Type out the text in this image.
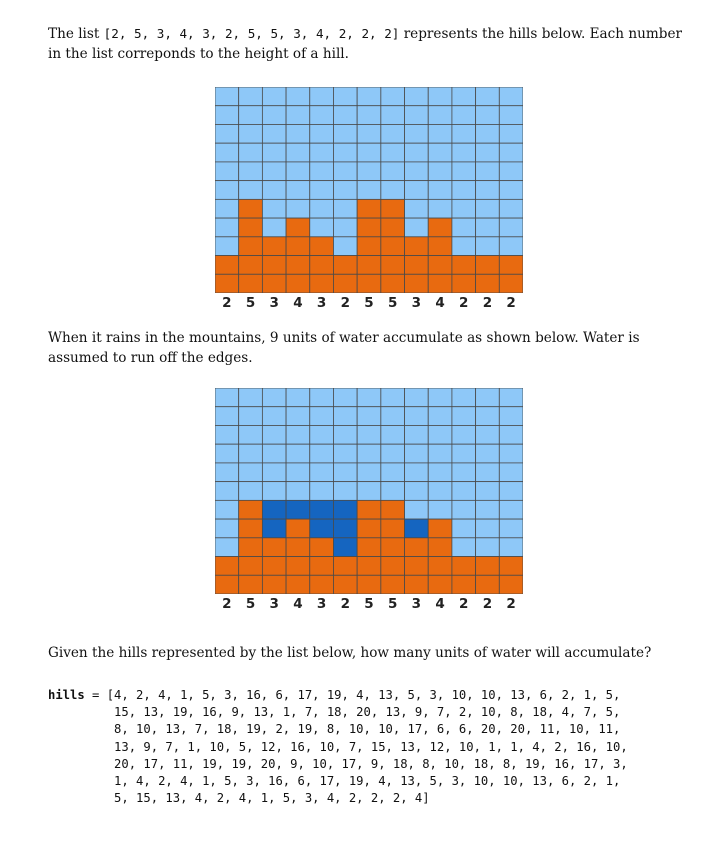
The list [2, 5, 3, 4, 3, 2, 5, 5, 3, 4, 2, 2, 2] represents the hills below. Each number in the list correponds to the height of a hill.

2	5	3	4	3	2	5	5	3	4	2	2	2

When it rains in the mountains, 9 units of water accumulate as shown below. Water is assumed to run off the edges.

2	5	3	4	3	2	5	5	3	4	2	2	2

Given the hills represented by the list below, how many units of water will accumulate?

hills = [4, 2, 4, 1, 5, 3, 16, 6, 17, 19, 4, 13, 5, 3, 10, 10, 13, 6, 2, 1, 5,
15, 13, 19, 16, 9, 13, 1, 7, 18, 20, 13, 9, 7, 2, 10, 8, 18, 4, 7, 5,
8, 10, 13, 7, 18, 19, 2, 19, 8, 10, 10, 17, 6, 6, 20, 20, 11, 10, 11,
13, 9, 7, 1, 10, 5, 12, 16, 10, 7, 15, 13, 12, 10, 1, 1, 4, 2, 16, 10,
20, 17, 11, 19, 19, 20, 9, 10, 17, 9, 18, 8, 10, 18, 8, 19, 16, 17, 3,
1, 4, 2, 4, 1, 5, 3, 16, 6, 17, 19, 4, 13, 5, 3, 10, 10, 13, 6, 2, 1,
5, 15, 13, 4, 2, 4, 1, 5, 3, 4, 2, 2, 2, 4]
